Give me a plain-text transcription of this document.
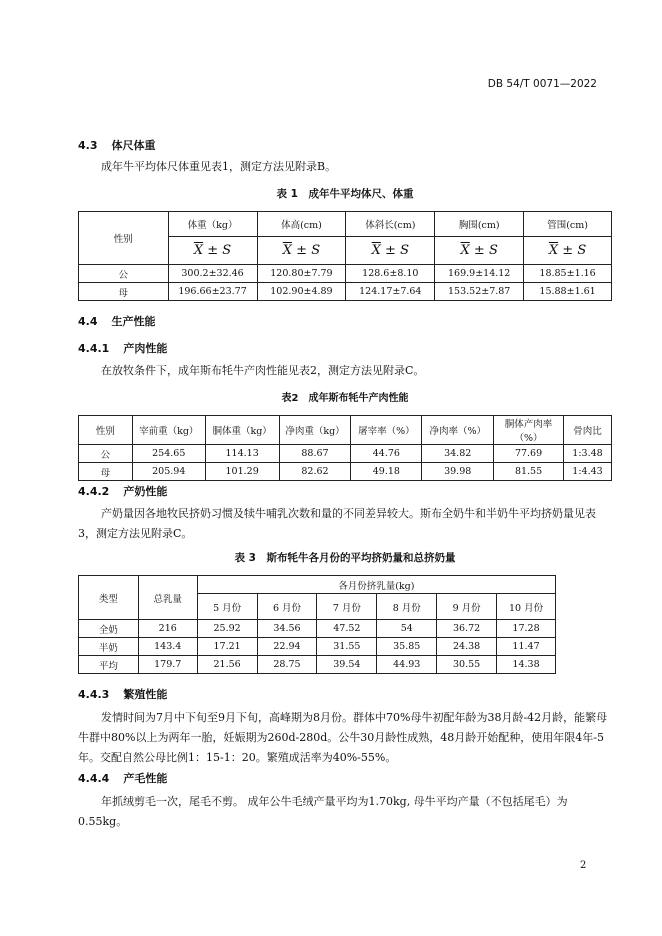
DB 54/T 0071—2022
4.3 体尺体重
成年牛平均体尺体重见表1，测定方法见附录B。
表 1　成年牛平均体尺、体重
性别	体重（kg）	体高(cm)	体斜长(cm)	胸围(cm)	管围(cm)
	$\overline{X} \pm S$	$\overline{X} \pm S$	$\overline{X} \pm S$	$\overline{X} \pm S$	$\overline{X} \pm S$
公	300.2±32.46	120.80±7.79	128.6±8.10	169.9±14.12	18.85±1.16
母	196.66±23.77	102.90±4.89	124.17±7.64	153.52±7.87	15.88±1.61
4.4 生产性能
4.4.1 产肉性能
在放牧条件下，成年斯布牦牛产肉性能见表2，测定方法见附录C。
表2　成年斯布牦牛产肉性能
性别	宰前重（kg）	胴体重（kg）	净肉重（kg）	屠宰率（%）	净肉率（%）	胴体产肉率（%）	骨肉比
公	254.65	114.13	88.67	44.76	34.82	77.69	1:3.48
母	205.94	101.29	82.62	49.18	39.98	81.55	1:4.43
4.4.2 产奶性能
产奶量因各地牧民挤奶习惯及犊牛哺乳次数和量的不同差异较大。斯布全奶牛和半奶牛平均挤奶量见表3，测定方法见附录C。
表 3　斯布牦牛各月份的平均挤奶量和总挤奶量
类型	总乳量	各月份挤乳量(kg)					
		5 月份	6 月份	7 月份	8 月份	9 月份	10 月份
全奶	216	25.92	34.56	47.52	54	36.72	17.28
半奶	143.4	17.21	22.94	31.55	35.85	24.38	11.47
平均	179.7	21.56	28.75	39.54	44.93	30.55	14.38
4.4.3 繁殖性能
发情时间为7月中下旬至9月下旬，高峰期为8月份。群体中70%母牛初配年龄为38月龄-42月龄，能繁母牛群中80%以上为两年一胎，妊娠期为260d-280d。公牛30月龄性成熟，48月龄开始配种，使用年限4年-5年。交配自然公母比例1：15-1：20。繁殖成活率为40%-55%。
4.4.4 产毛性能
年抓绒剪毛一次，尾毛不剪。 成年公牛毛绒产量平均为1.70kg, 母牛平均产量（不包括尾毛）为0.55kg。
2
